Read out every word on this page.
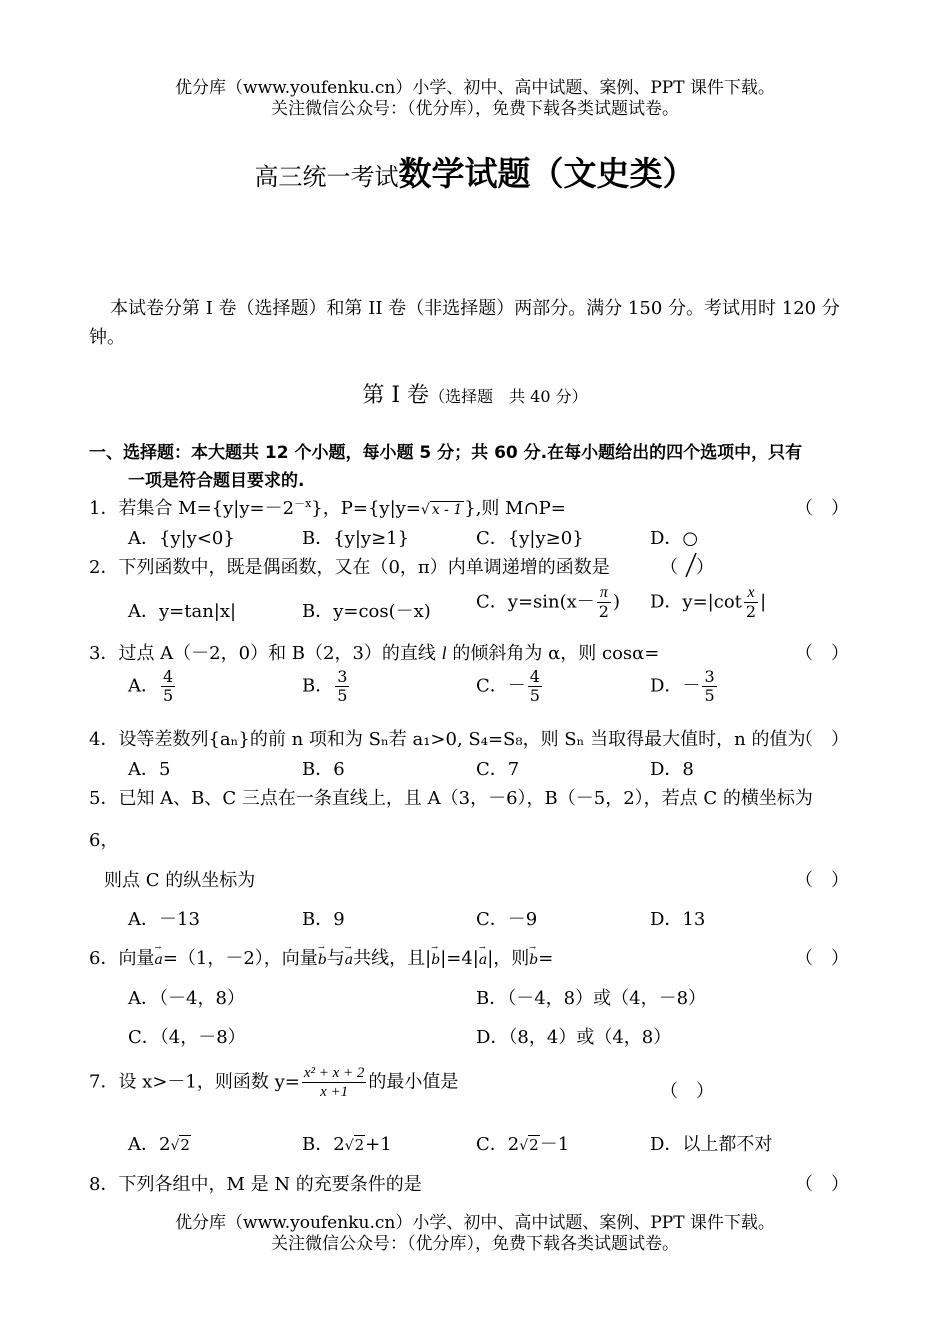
优分库（www.youfenku.cn）小学、初中、高中试题、案例、PPT 课件下载。
关注微信公众号：（优分库），免费下载各类试题试卷。
高三统一考试数学试题（文史类）
本试卷分第 I 卷（选择题）和第 II 卷（非选择题）两部分。满分 150 分。考试用时 120 分
钟。
第 I 卷（选择题　共 40 分）
一、选择题：本大题共 12 个小题，每小题 5 分；共 60 分.在每小题给出的四个选项中，只有
一项是符合题目要求的.
1．若集合 $M=\{y|y=-2^{-x}\}$，P={y|y=√ x - 1 },则 M∩P=	（　）
A．{y|y<0}	B．{y|y≥1}	C．{y|y≥0}	D．○
2．下列函数中，既是偶函数，又在（0，π）内单调递增的函数是	（　）
A．y=tan|x|	B．y=cos(－x)	C．$y=\sin(x- \frac{\pi}{2}$ ) D．$y=|\cot \frac{x}{2}$ |
3．过点 A（－2，0）和 B（2，3）的直线 l 的倾斜角为 α，则 cosα=	（　）
A． $\frac{4}{5}$	B． $\frac{3}{5}$	C．－ $\frac{4}{5}$	D．－ $\frac{3}{5}$
4．设等差数列{aₙ}的前 n 项和为 Sₙ若 a₁>0, S₄=S₈，则 Sₙ 当取得最大值时，n 的值为
（　）
A．5	B．6	C．7	D．8
5．已知 A、B、C 三点在一条直线上，且 A（3，－6），B（－5，2），若点 C 的横坐标为
6，
则点 C 的纵坐标为	（　）
A．－13	B．9	C．－9	D．13
6．向量→ a=（1，－2），向量→ b与→ a共线，且|→ b|=4|→ a|，则→ b=	（　）
A．（－4，8）	B．（－4，8）或（4，－8）
C．（4，－8）	D．（8，4）或（4，8）
7．设 x>－1，则函数 $y= \frac{\text{x² + x + 2}}{x +1}$ 的最小值是	（　）
A．2√2	B．2√2+1	C．2√2－1	D．以上都不对
8．下列各组中，M 是 N 的充要条件的是	（　）
优分库（www.youfenku.cn）小学、初中、高中试题、案例、PPT 课件下载。
关注微信公众号：（优分库），免费下载各类试题试卷。
